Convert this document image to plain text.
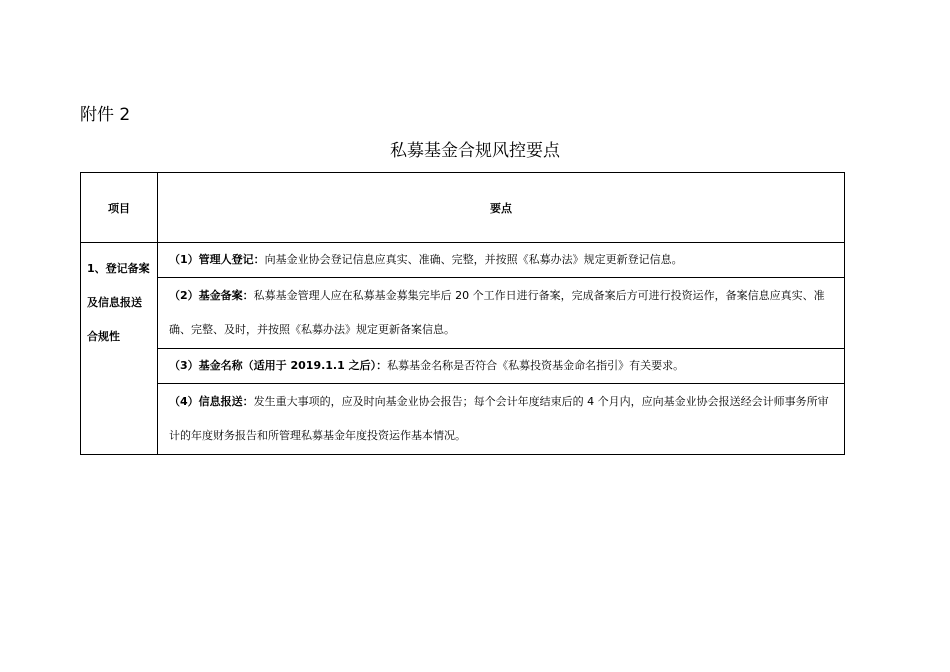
附件 2
私募基金合规风控要点
项目	要点

1、登记备案
及信息报送
合规性	（1）管理人登记：向基金业协会登记信息应真实、准确、完整，并按照《私募办法》规定更新登记信息。
	（2）基金备案：私募基金管理人应在私募基金募集完毕后 20 个工作日进行备案，完成备案后方可进行投资运作，备案信息应真实、准确、完整、及时，并按照《私募办法》规定更新备案信息。
	（3）基金名称（适用于 2019.1.1 之后）：私募基金名称是否符合《私募投资基金命名指引》有关要求。
	（4）信息报送：发生重大事项的，应及时向基金业协会报告；每个会计年度结束后的 4 个月内，应向基金业协会报送经会计师事务所审计的年度财务报告和所管理私募基金年度投资运作基本情况。
